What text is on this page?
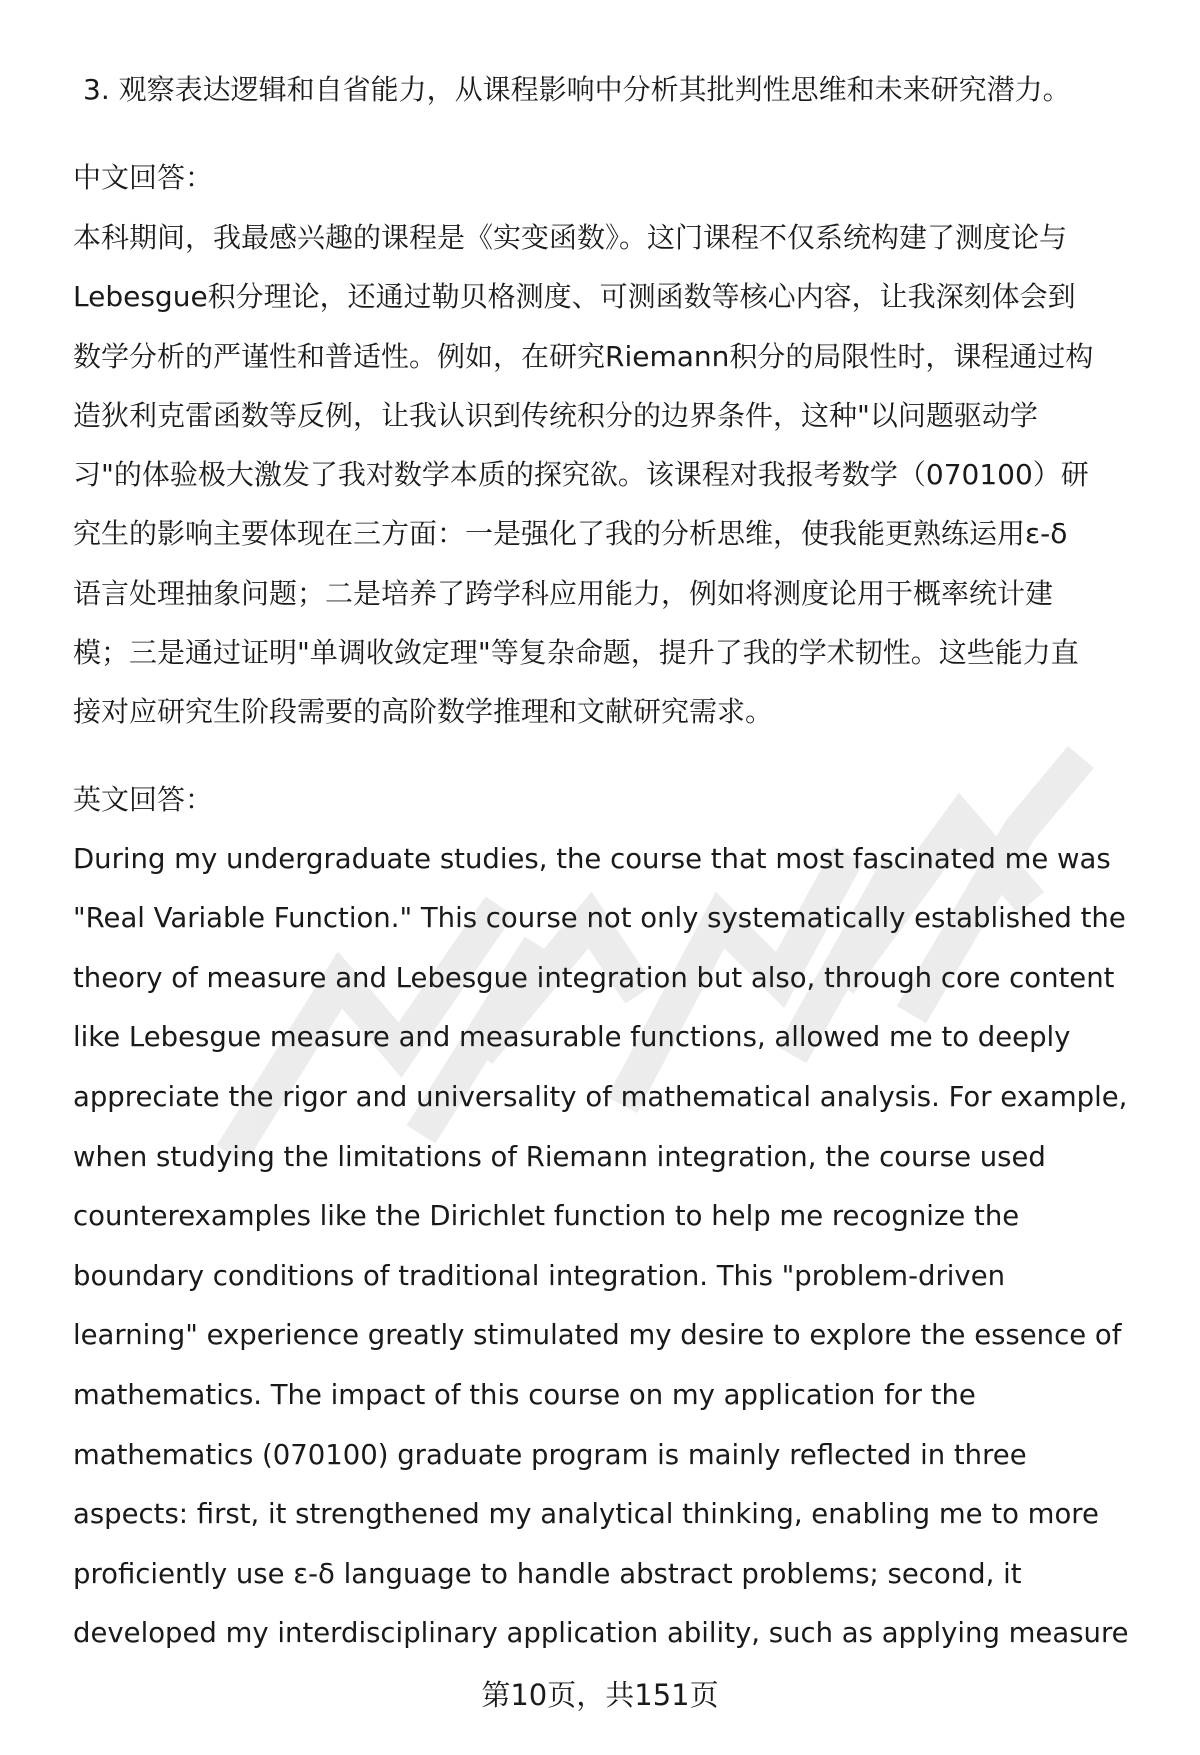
3. 观察表达逻辑和自省能力，从课程影响中分析其批判性思维和未来研究潜力。
中文回答：

本科期间，我最感兴趣的课程是《实变函数》。这门课程不仅系统构建了测度论与
Lebesgue积分理论，还通过勒贝格测度、可测函数等核心内容，让我深刻体会到
数学分析的严谨性和普适性。例如，在研究Riemann积分的局限性时，课程通过构
造狄利克雷函数等反例，让我认识到传统积分的边界条件，这种"以问题驱动学
习"的体验极大激发了我对数学本质的探究欲。该课程对我报考数学（070100）研
究生的影响主要体现在三方面：一是强化了我的分析思维，使我能更熟练运用ε-δ
语言处理抽象问题；二是培养了跨学科应用能力，例如将测度论用于概率统计建
模；三是通过证明"单调收敛定理"等复杂命题，提升了我的学术韧性。这些能力直
接对应研究生阶段需要的高阶数学推理和文献研究需求。

英文回答：

During my undergraduate studies, the course that most fascinated me was
"Real Variable Function." This course not only systematically established the
theory of measure and Lebesgue integration but also, through core content
like Lebesgue measure and measurable functions, allowed me to deeply
appreciate the rigor and universality of mathematical analysis. For example,
when studying the limitations of Riemann integration, the course used
counterexamples like the Dirichlet function to help me recognize the
boundary conditions of traditional integration. This "problem-driven
learning" experience greatly stimulated my desire to explore the essence of
mathematics. The impact of this course on my application for the
mathematics (070100) graduate program is mainly reflected in three
aspects: first, it strengthened my analytical thinking, enabling me to more
proficiently use ε-δ language to handle abstract problems; second, it
developed my interdisciplinary application ability, such as applying measure

第10页，共151页
